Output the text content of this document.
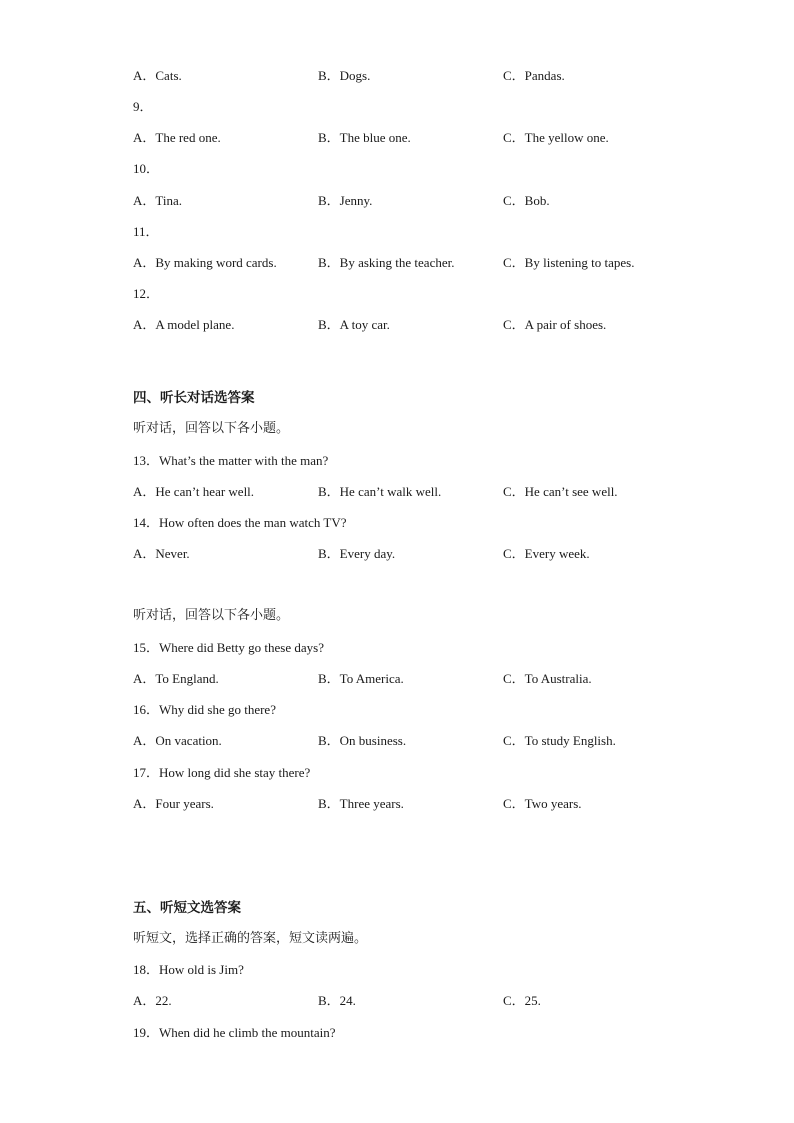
A．Cats.	B．Dogs.	C．Pandas.
9．
A．The red one.	B．The blue one.	C．The yellow one.
10．
A．Tina.	B．Jenny.	C．Bob.
11．
A．By making word cards.	B．By asking the teacher.	C．By listening to tapes.
12．
A．A model plane.	B．A toy car.	C．A pair of shoes.
四、听长对话选答案
听对话，回答以下各小题。
13．What’s the matter with the man?
A．He can’t hear well.	B．He can’t walk well.	C．He can’t see well.
14．How often does the man watch TV?
A．Never.	B．Every day.	C．Every week.
听对话，回答以下各小题。
15．Where did Betty go these days?
A．To England.	B．To America.	C．To Australia.
16．Why did she go there?
A．On vacation.	B．On business.	C．To study English.
17．How long did she stay there?
A．Four years.	B．Three years.	C．Two years.
五、听短文选答案
听短文，选择正确的答案，短文读两遍。
18．How old is Jim?
A．22.	B．24.	C．25.
19．When did he climb the mountain?
